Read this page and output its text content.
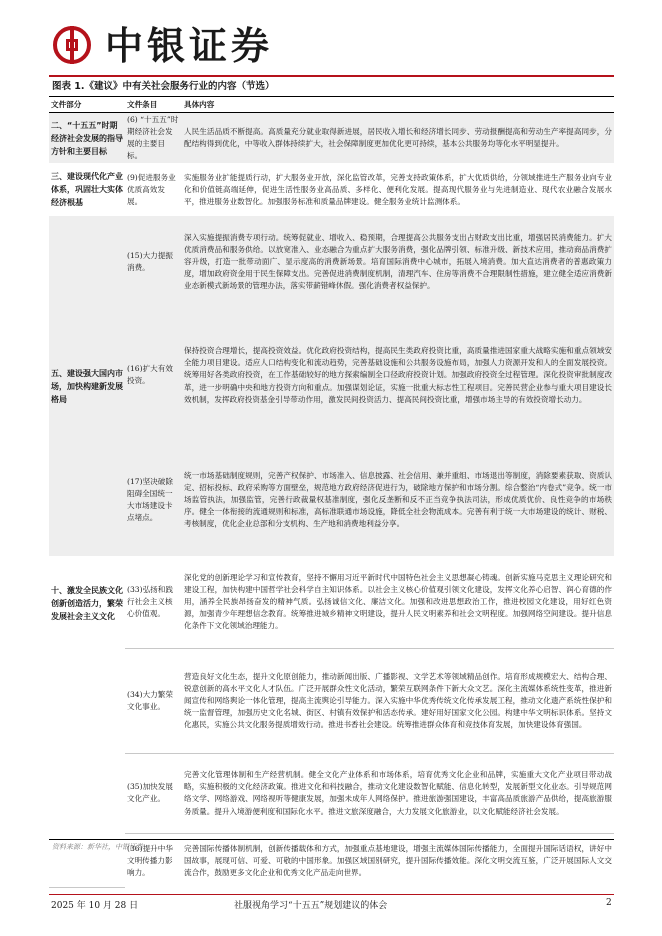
中银证券
图表 1.《建议》中有关社会服务行业的内容（节选）
文件部分	文件条目	具体内容
二、“十五五”时期经济社会发展的指导方针和主要目标	(6) “十五五”时期经济社会发展的主要目标。	人民生活品质不断提高。高质量充分就业取得新进展，居民收入增长和经济增长同步、劳动报酬提高和劳动生产率提高同步，分配结构得到优化，中等收入群体持续扩大，社会保障制度更加优化更可持续，基本公共服务均等化水平明显提升。
三、建设现代化产业体系，巩固壮大实体经济根基	(9)促进服务业优质高效发展。	实施服务业扩能提质行动，扩大服务业开放，深化监管改革，完善支持政策体系，扩大优质供给，分领域推进生产服务业向专业化和价值链高端延伸，促进生活性服务业高品质、多样化、便利化发展。提高现代服务业与先进制造业、现代农业融合发展水平，推进服务业数智化。加强服务标准和质量品牌建设。健全服务业统计监测体系。
五、建设强大国内市场，加快构建新发展格局	(15)大力提振消费。	深入实施提振消费专项行动。统筹促就业、增收入、稳预期，合理提高公共服务支出占财政支出比重，增强居民消费能力。扩大优质消费品和服务供给。以放宽准入、业态融合为重点扩大服务消费，强化品牌引领、标准升级、新技术应用，推动商品消费扩容升级，打造一批带动面广、显示度高的消费新场景。培育国际消费中心城市，拓展入境消费。加大直达消费者的普惠政策力度，增加政府资金用于民生保障支出。完善促进消费制度机制，清理汽车、住房等消费不合理限制性措施，建立健全适应消费新业态新模式新场景的管理办法，落实带薪错峰休假。强化消费者权益保护。
	(16)扩大有效投资。	保持投资合理增长，提高投资效益。优化政府投资结构，提高民生类政府投资比重，高质量推进国家重大战略实施和重点领域安全能力项目建设。适应人口结构变化和流动趋势，完善基础设施和公共服务设施布局，加强人力资源开发和人的全面发展投资。统筹用好各类政府投资，在工作基础较好的地方探索编制全口径政府投资计划。加强政府投资全过程管理。深化投资审批制度改革，进一步明确中央和地方投资方向和重点。加强谋划论证，实施一批重大标志性工程项目。完善民营企业参与重大项目建设长效机制，发挥政府投资基金引导带动作用，激发民间投资活力、提高民间投资比重，增强市场主导的有效投资增长动力。
	(17)坚决破除阻碍全国统一大市场建设卡点堵点。	统一市场基础制度规则，完善产权保护、市场准入、信息披露、社会信用、兼并重组、市场退出等制度，消除要素获取、资质认定、招标投标、政府采购等方面壁垒，规范地方政府经济促进行为，破除地方保护和市场分割。综合整治“内卷式”竞争。统一市场监管执法，加强监管，完善行政裁量权基准制度，强化反垄断和反不正当竞争执法司法，形成优质优价、良性竞争的市场秩序。健全一体衔接的流通规则和标准，高标准联通市场设施，降低全社会物流成本。完善有利于统一大市场建设的统计、财税、考核制度，优化企业总部和分支机构、生产地和消费地利益分享。
十、激发全民族文化创新创造活力，繁荣发展社会主义文化	(33)弘扬和践行社会主义核心价值观。	深化党的创新理论学习和宣传教育，坚持不懈用习近平新时代中国特色社会主义思想凝心铸魂。创新实施马克思主义理论研究和建设工程，加快构建中国哲学社会科学自主知识体系。以社会主义核心价值观引领文化建设，发挥文化养心启智、润心育德的作用，涵养全民族昂扬奋发的精神气质。弘扬诚信文化、廉洁文化。加强和改进思想政治工作，推进校园文化建设，用好红色资源，加强青少年理想信念教育。统筹推进城乡精神文明建设，提升人民文明素养和社会文明程度。加强网络空间建设。提升信息化条件下文化领域治理能力。
	(34)大力繁荣文化事业。	营造良好文化生态，提升文化原创能力，推动新闻出版、广播影视、文学艺术等领域精品创作。培育形成规模宏大、结构合理、锐意创新的高水平文化人才队伍。广泛开展群众性文化活动，繁荣互联网条件下新大众文艺。深化主流媒体系统性变革，推进新闻宣传和网络舆论一体化管理，提高主流舆论引导能力。深入实施中华优秀传统文化传承发展工程，推动文化遗产系统性保护和统一监督管理，加强历史文化名城、街区、村镇有效保护和活态传承。建好用好国家文化公园。构建中华文明标识体系。坚持文化惠民，实施公共文化服务提质增效行动。推进书香社会建设。统筹推进群众体育和竞技体育发展，加快建设体育强国。
	(35)加快发展文化产业。	完善文化管理体制和生产经营机制。健全文化产业体系和市场体系，培育优秀文化企业和品牌，实施重大文化产业项目带动战略，实施积极的文化经济政策。推进文化和科技融合，推动文化建设数智化赋能、信息化转型，发展新型文化业态。引导规范网络文学、网络游戏、网络视听等健康发展，加强未成年人网络保护。推进旅游强国建设，丰富高品质旅游产品供给，提高旅游服务质量。提升入境游便利度和国际化水平。推进文旅深度融合，大力发展文化旅游业，以文化赋能经济社会发展。
	(36)提升中华文明传播力影响力。	完善国际传播体制机制，创新传播载体和方式，加强重点基地建设，增强主流媒体国际传播能力，全面提升国际话语权，讲好中国故事，展现可信、可爱、可敬的中国形象。加强区域国别研究，提升国际传播效能。深化文明交流互鉴，广泛开展国际人文交流合作，鼓励更多文化企业和优秀文化产品走向世界。
资料来源：新华社，中银证券
2025 年 10 月 28 日	社服视角学习“十五五”规划建议的体会	2
